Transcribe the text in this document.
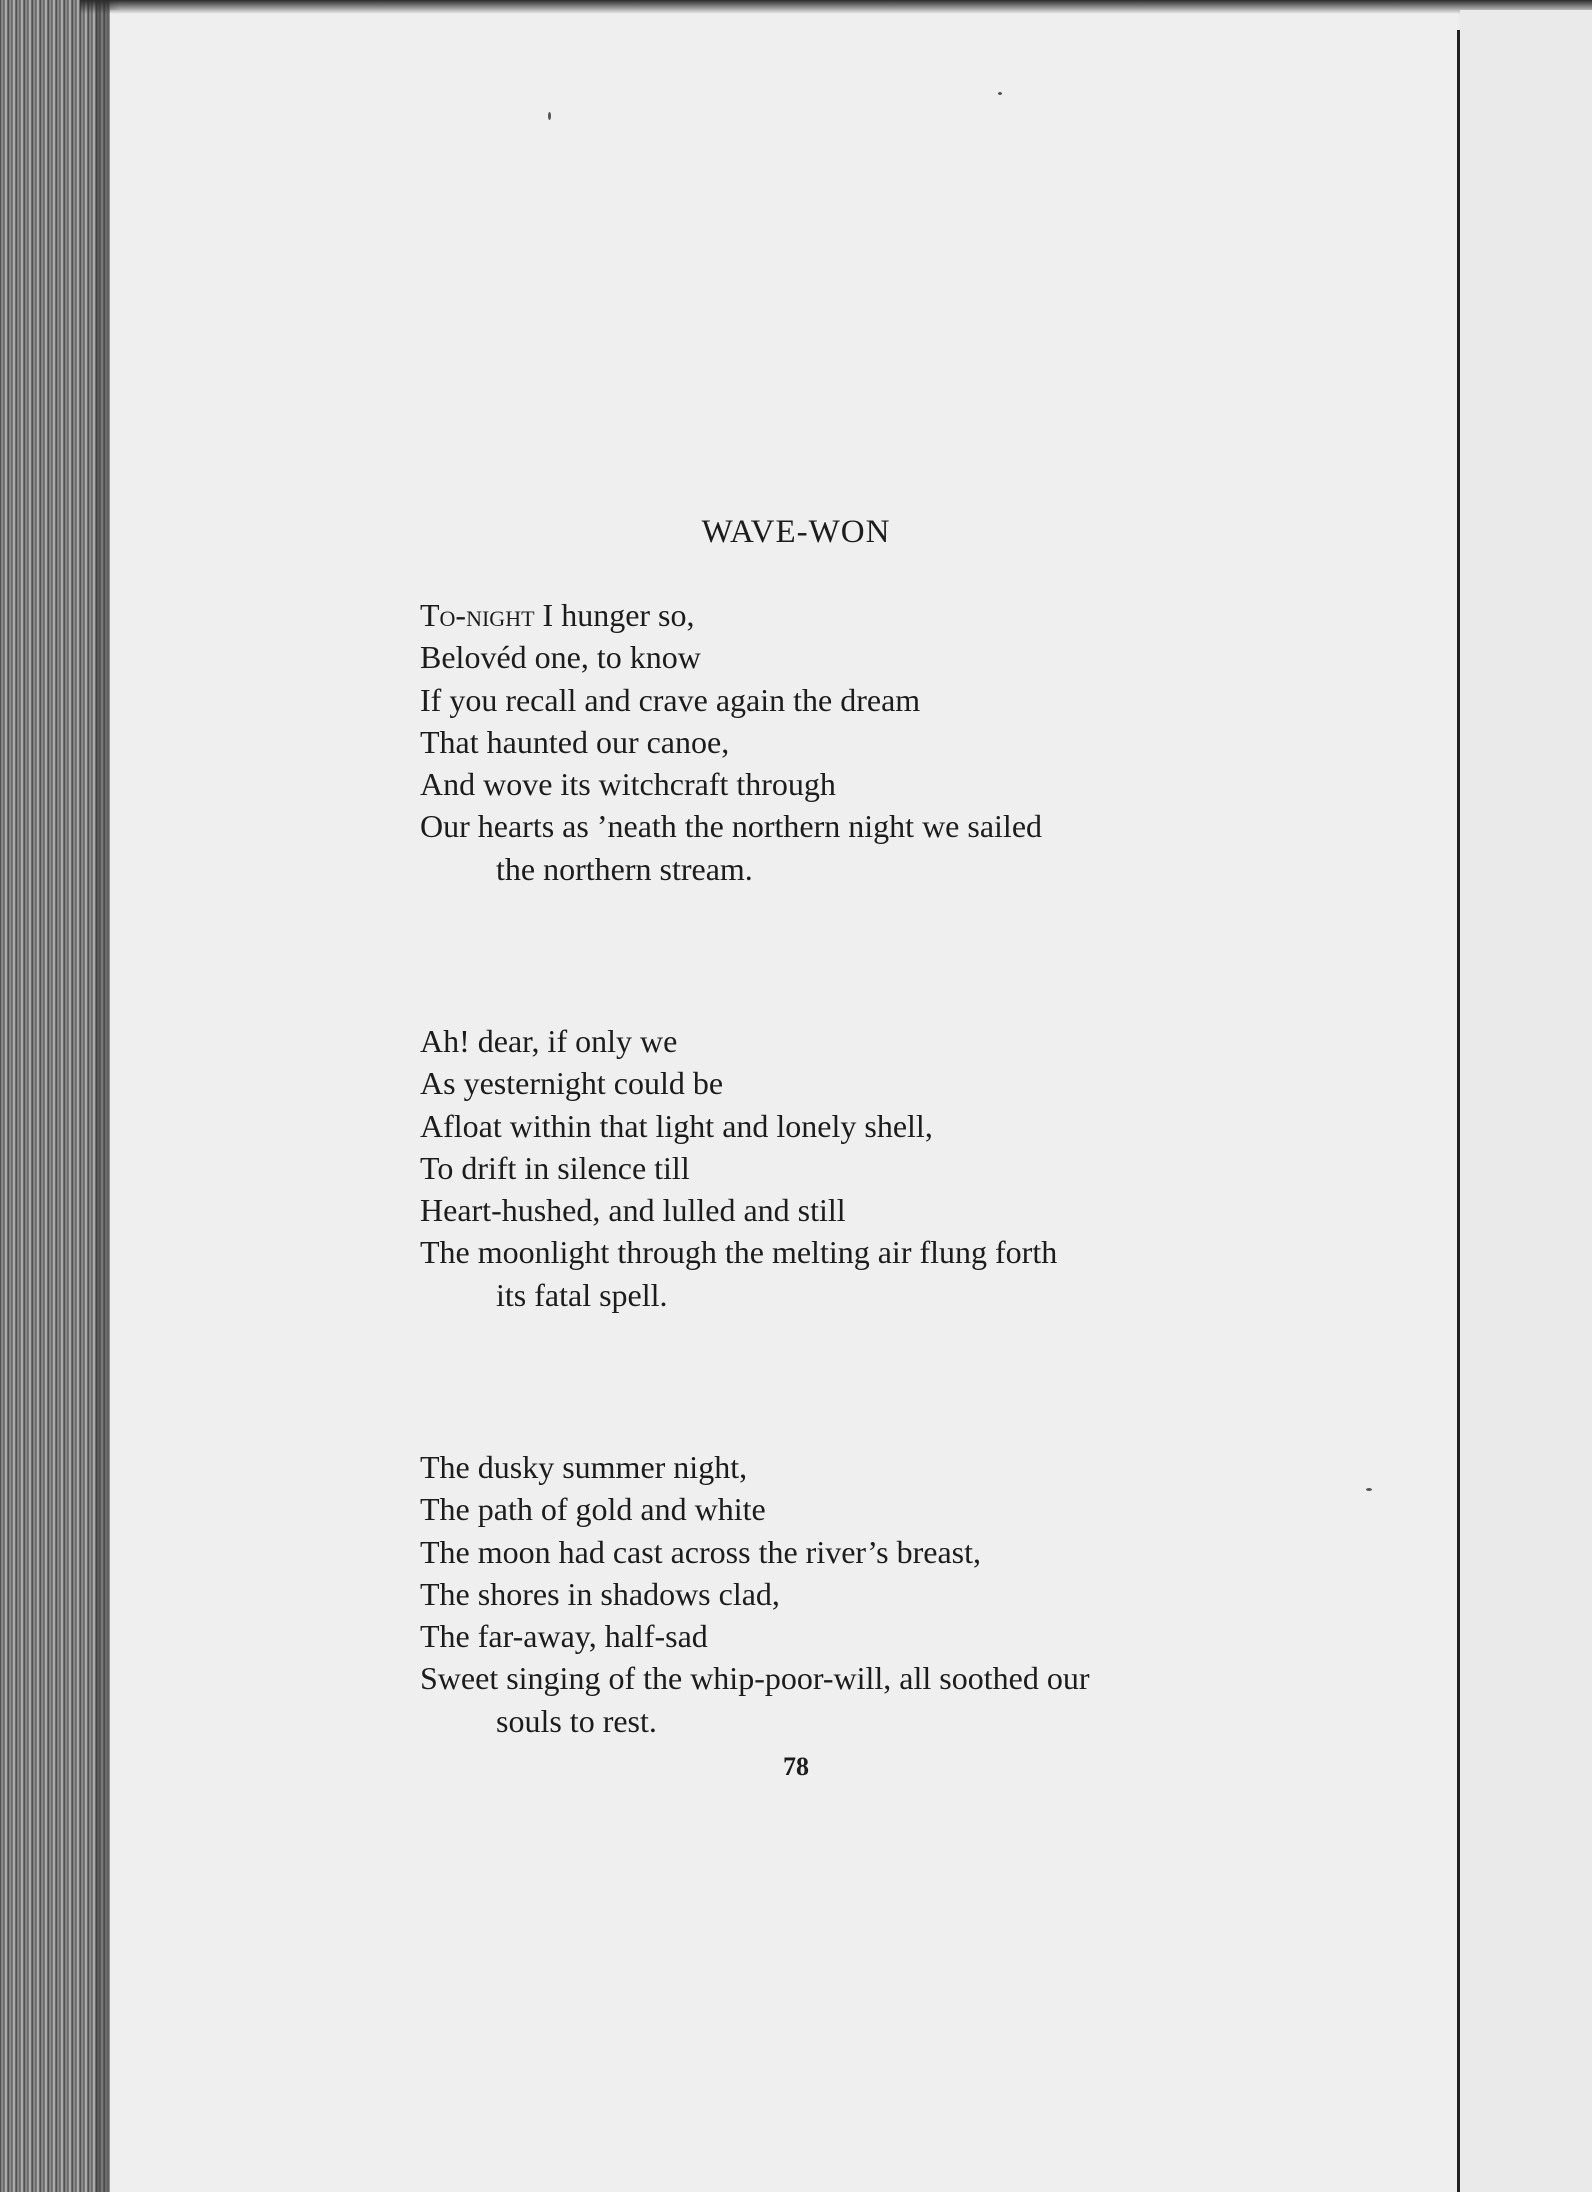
WAVE-WON
To-night I hunger so,
Belovéd one, to know
If you recall and crave again the dream
That haunted our canoe,
And wove its witchcraft through
Our hearts as ’neath the northern night we sailed
the northern stream.
Ah! dear, if only we
As yesternight could be
Afloat within that light and lonely shell,
To drift in silence till
Heart-hushed, and lulled and still
The moonlight through the melting air flung forth
its fatal spell.
The dusky summer night,
The path of gold and white
The moon had cast across the river’s breast,
The shores in shadows clad,
The far-away, half-sad
Sweet singing of the whip-poor-will, all soothed our
souls to rest.
78
